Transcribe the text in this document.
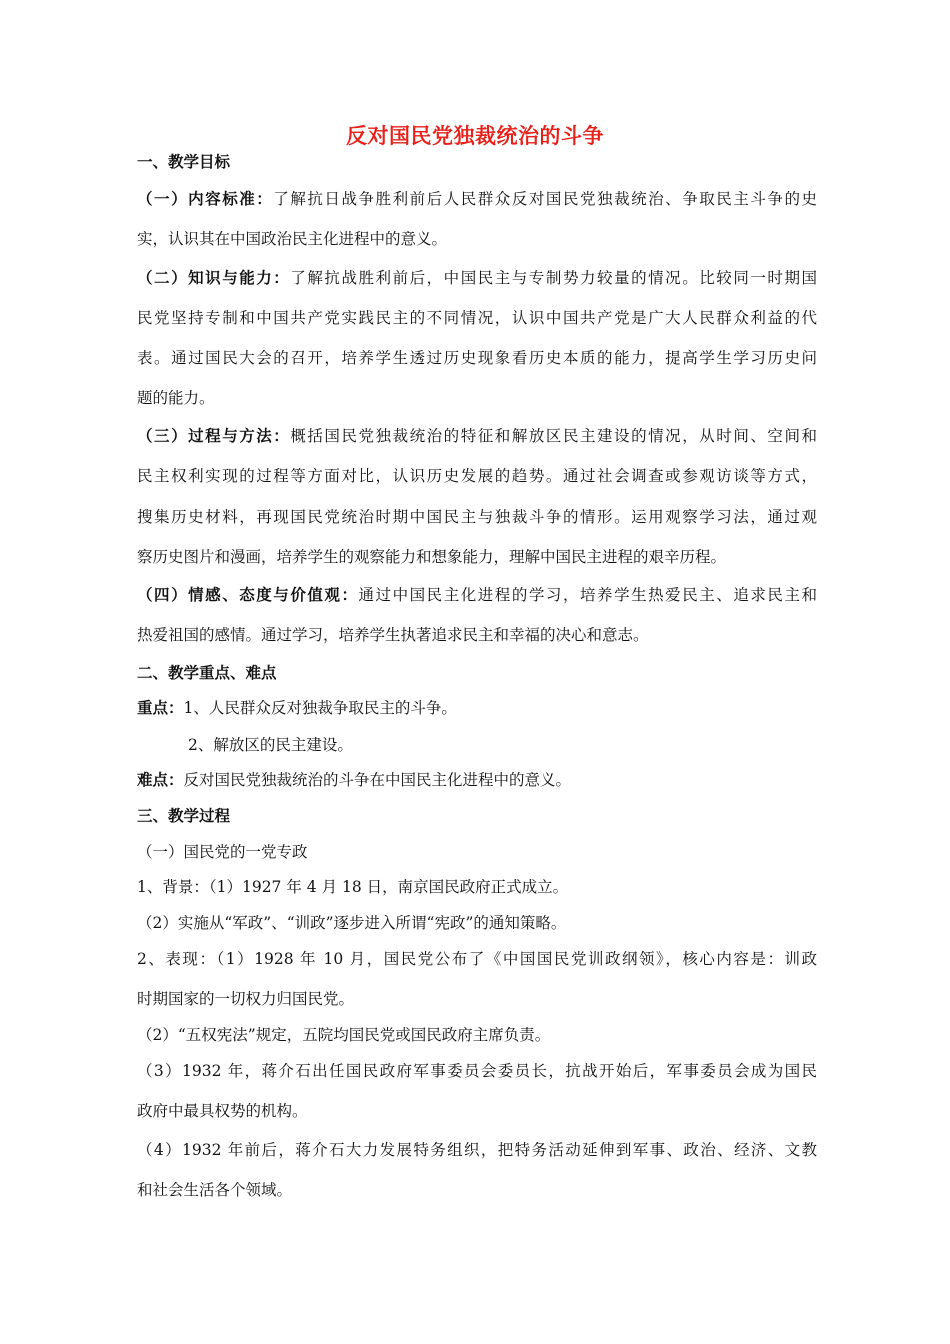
反对国民党独裁统治的斗争
一、教学目标
（一）内容标准：了解抗日战争胜利前后人民群众反对国民党独裁统治、争取民主斗争的史
实，认识其在中国政治民主化进程中的意义。
（二）知识与能力：了解抗战胜利前后，中国民主与专制势力较量的情况。比较同一时期国
民党坚持专制和中国共产党实践民主的不同情况，认识中国共产党是广大人民群众利益的代
表。通过国民大会的召开，培养学生透过历史现象看历史本质的能力，提高学生学习历史问
题的能力。
（三）过程与方法：概括国民党独裁统治的特征和解放区民主建设的情况，从时间、空间和
民主权利实现的过程等方面对比，认识历史发展的趋势。通过社会调查或参观访谈等方式，
搜集历史材料，再现国民党统治时期中国民主与独裁斗争的情形。运用观察学习法，通过观
察历史图片和漫画，培养学生的观察能力和想象能力，理解中国民主进程的艰辛历程。
（四）情感、态度与价值观：通过中国民主化进程的学习，培养学生热爱民主、追求民主和
热爱祖国的感情。通过学习，培养学生执著追求民主和幸福的决心和意志。
二、教学重点、难点
重点：1、人民群众反对独裁争取民主的斗争。
2、解放区的民主建设。
难点：反对国民党独裁统治的斗争在中国民主化进程中的意义。
三、教学过程
（一）国民党的一党专政
1、背景：（1）1927 年 4 月 18 日，南京国民政府正式成立。
（2）实施从“军政”、“训政”逐步进入所谓“宪政”的通知策略。
2、表现：（1）1928 年 10 月，国民党公布了《中国国民党训政纲领》，核心内容是：训政
时期国家的一切权力归国民党。
（2）“五权宪法”规定，五院均国民党或国民政府主席负责。
（3）1932 年，蒋介石出任国民政府军事委员会委员长，抗战开始后，军事委员会成为国民
政府中最具权势的机构。
（4）1932 年前后，蒋介石大力发展特务组织，把特务活动延伸到军事、政治、经济、文教
和社会生活各个领域。
